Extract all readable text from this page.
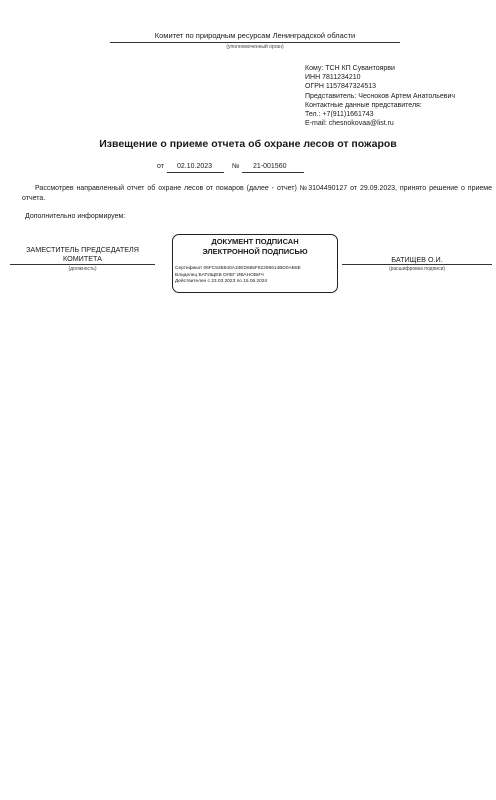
Комитет по природным ресурсам Ленинградской области
(уполномоченный орган)
Кому: ТСН КП Сувантоярви
ИНН 7811234210
ОГРН 1157847324513
Представитель: Чесноков Артем Анатольевич
Контактные данные представителя:
Тел.: +7(911)1661743
E-mail: chesnokovaa@list.ru
Извещение о приеме отчета об охране лесов от пожаров
от 02.10.2023	№ 21-001560
Рассмотрев направленный отчет об охране лесов от пожаров (далее - отчет) №3104490127 от 29.09.2023, принято решение о приеме отчета.
Дополнительно информируем:
ЗАМЕСТИТЕЛЬ ПРЕДСЕДАТЕЛЯ
КОМИТЕТА
(должность)
ДОКУМЕНТ ПОДПИСАН
ЭЛЕКТРОННОЙ ПОДПИСЬЮ
Сертификат 06FC52B840A34ED665F82296614BD0AB6E
Владелец БАТИЩЕВ ОЛЕГ ИВАНОВИЧ
Действителен с 23.03.2023 по 15.06.2024
БАТИЩЕВ О.И.
(расшифровка подписи)
